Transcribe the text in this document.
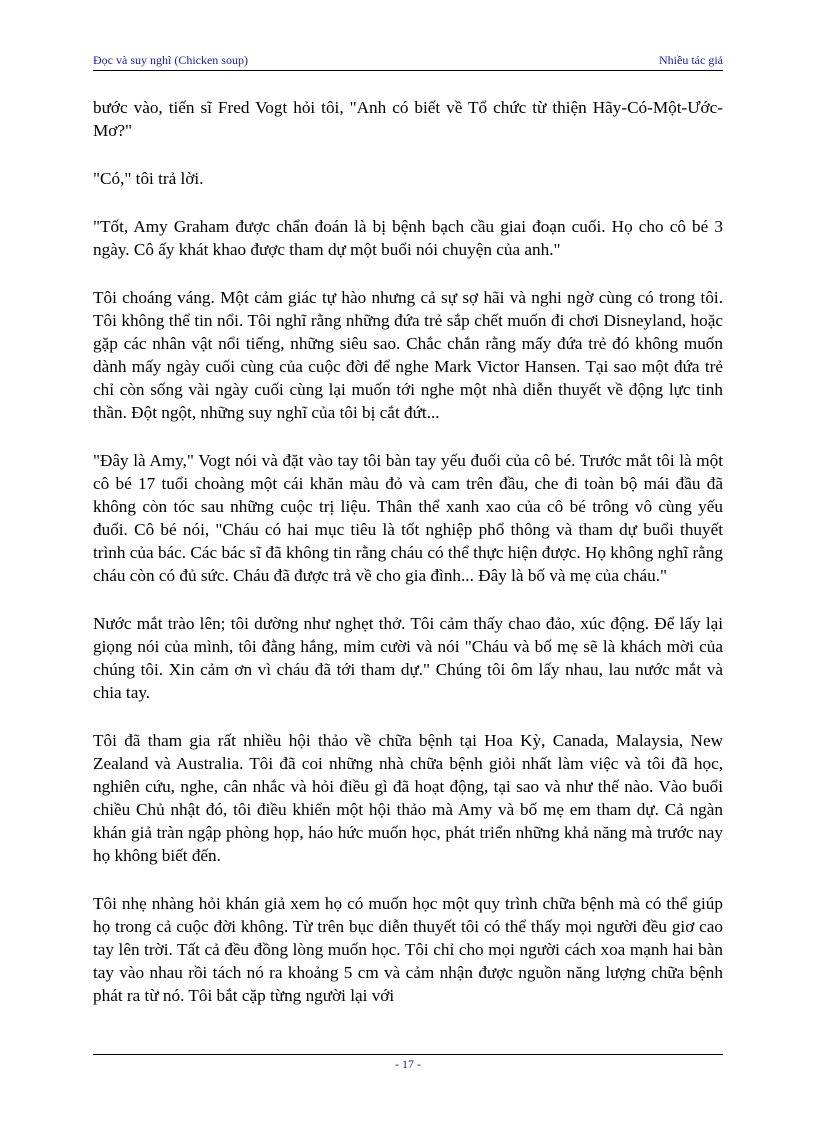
Đọc và suy nghĩ (Chicken soup)	Nhiều tác giả

bước vào, tiến sĩ Fred Vogt hỏi tôi, "Anh có biết về Tổ chức từ thiện Hãy-Có-Một-Ước-Mơ?"

"Có," tôi trả lời.

"Tốt, Amy Graham được chẩn đoán là bị bệnh bạch cầu giai đoạn cuối. Họ cho cô bé 3 ngày. Cô ấy khát khao được tham dự một buổi nói chuyện của anh."

Tôi choáng váng. Một cảm giác tự hào nhưng cả sự sợ hãi và nghi ngờ cùng có trong tôi. Tôi không thể tin nổi. Tôi nghĩ rằng những đứa trẻ sắp chết muốn đi chơi Disneyland, hoặc gặp các nhân vật nổi tiếng, những siêu sao. Chắc chắn rằng mấy đứa trẻ đó không muốn dành mấy ngày cuối cùng của cuộc đời để nghe Mark Victor Hansen. Tại sao một đứa trẻ chỉ còn sống vài ngày cuối cùng lại muốn tới nghe một nhà diễn thuyết về động lực tinh thần. Đột ngột, những suy nghĩ của tôi bị cắt đứt...

"Đây là Amy," Vogt nói và đặt vào tay tôi bàn tay yếu đuối của cô bé. Trước mắt tôi là một cô bé 17 tuổi choàng một cái khăn màu đỏ và cam trên đầu, che đi toàn bộ mái đầu đã không còn tóc sau những cuộc trị liệu. Thân thể xanh xao của cô bé trông vô cùng yếu đuối. Cô bé nói, "Cháu có hai mục tiêu là tốt nghiệp phổ thông và tham dự buổi thuyết trình của bác. Các bác sĩ đã không tin rằng cháu có thể thực hiện được. Họ không nghĩ rằng cháu còn có đủ sức. Cháu đã được trả về cho gia đình... Đây là bố và mẹ của cháu."

Nước mắt trào lên; tôi dường như nghẹt thở. Tôi cảm thấy chao đảo, xúc động. Để lấy lại giọng nói của mình, tôi đằng hắng, mỉm cười và nói "Cháu và bố mẹ sẽ là khách mời của chúng tôi. Xin cảm ơn vì cháu đã tới tham dự." Chúng tôi ôm lấy nhau, lau nước mắt và chia tay.

Tôi đã tham gia rất nhiều hội thảo về chữa bệnh tại Hoa Kỳ, Canada, Malaysia, New Zealand và Australia. Tôi đã coi những nhà chữa bệnh giỏi nhất làm việc và tôi đã học, nghiên cứu, nghe, cân nhắc và hỏi điều gì đã hoạt động, tại sao và như thế nào. Vào buổi chiều Chủ nhật đó, tôi điều khiển một hội thảo mà Amy và bố mẹ em tham dự. Cả ngàn khán giả tràn ngập phòng họp, háo hức muốn học, phát triển những khả năng mà trước nay họ không biết đến.

Tôi nhẹ nhàng hỏi khán giả xem họ có muốn học một quy trình chữa bệnh mà có thể giúp họ trong cả cuộc đời không. Từ trên bục diễn thuyết tôi có thể thấy mọi người đều giơ cao tay lên trời. Tất cả đều đồng lòng muốn học. Tôi chỉ cho mọi người cách xoa mạnh hai bàn tay vào nhau rồi tách nó ra khoảng 5 cm và cảm nhận được nguồn năng lượng chữa bệnh phát ra từ nó. Tôi bắt cặp từng người lại với

- 17 -
